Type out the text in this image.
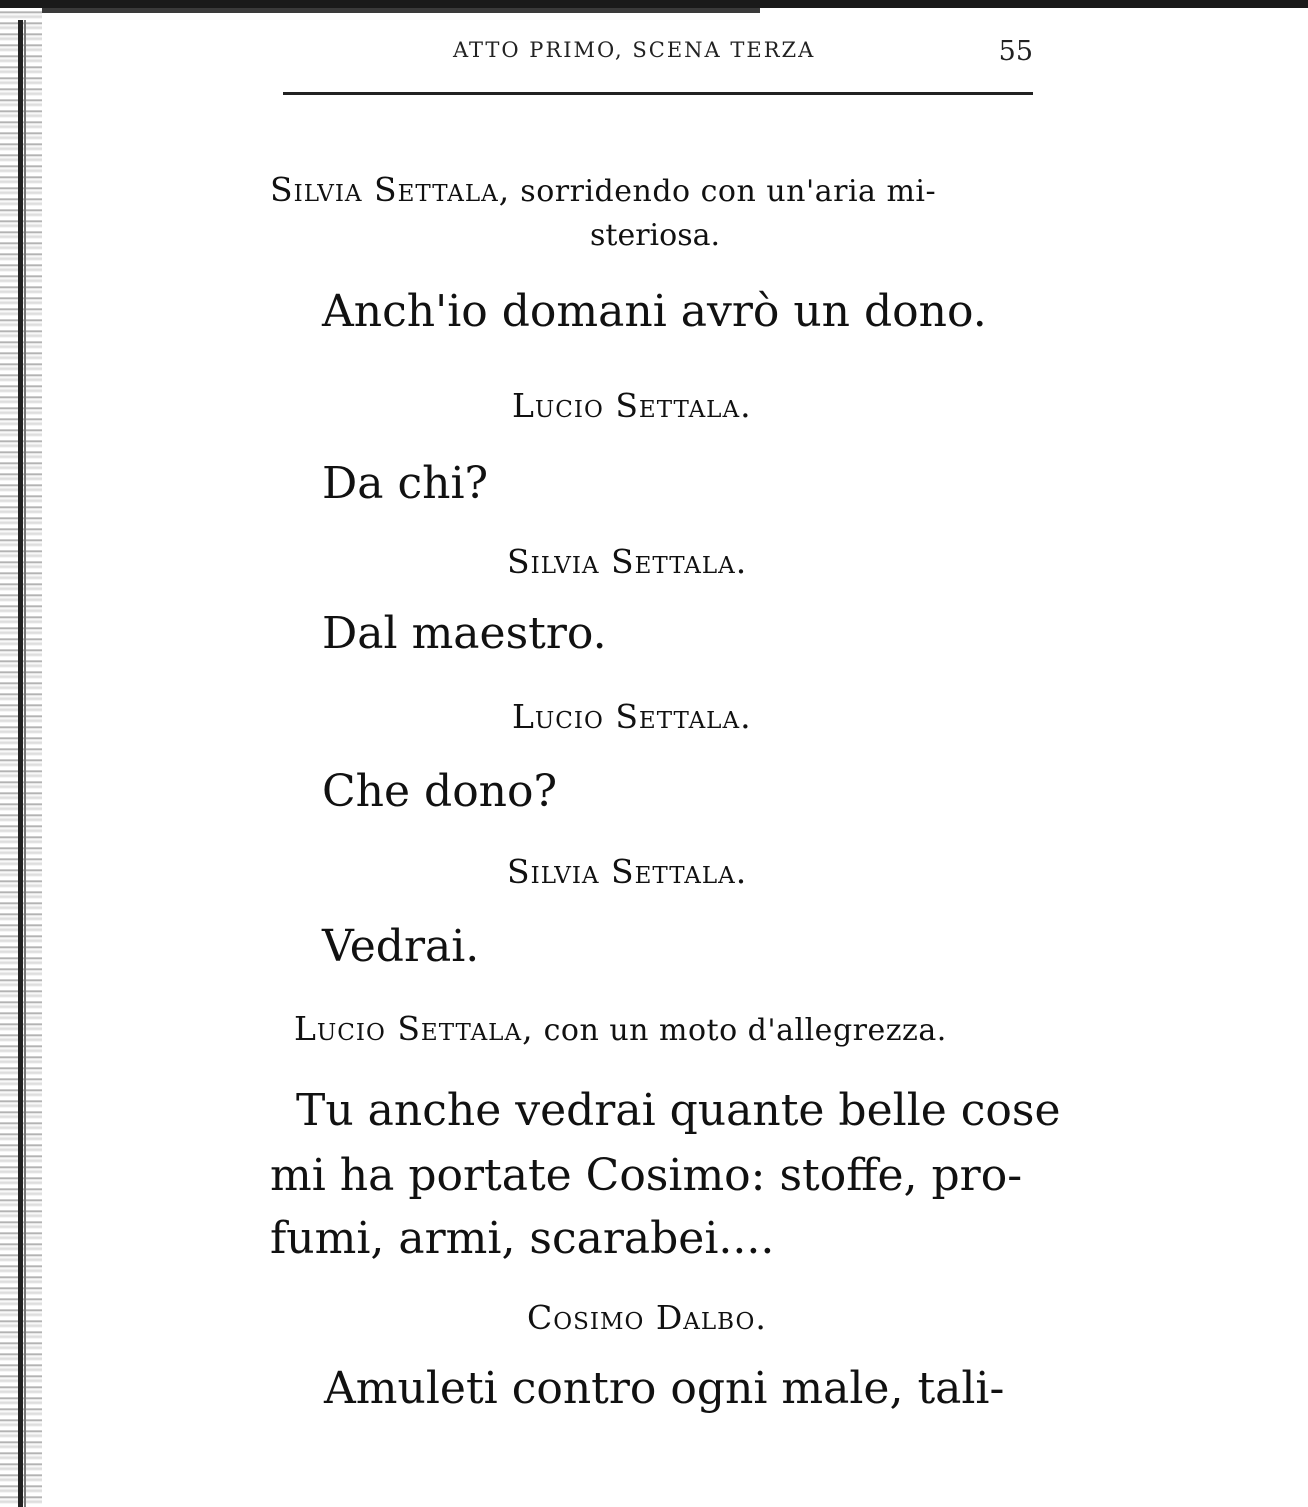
ATTO PRIMO, SCENA TERZA	55
Silvia Settala, sorridendo con un'aria mi-
steriosa.
Anch'io domani avrò un dono.
Lucio Settala.
Da chi?
Silvia Settala.
Dal maestro.
Lucio Settala.
Che dono?
Silvia Settala.
Vedrai.
Lucio Settala, con un moto d'allegrezza.
Tu anche vedrai quante belle cose
mi ha portate Cosimo: stoffe, pro-
fumi, armi, scarabei....
Cosimo Dalbo.
Amuleti contro ogni male, tali-
